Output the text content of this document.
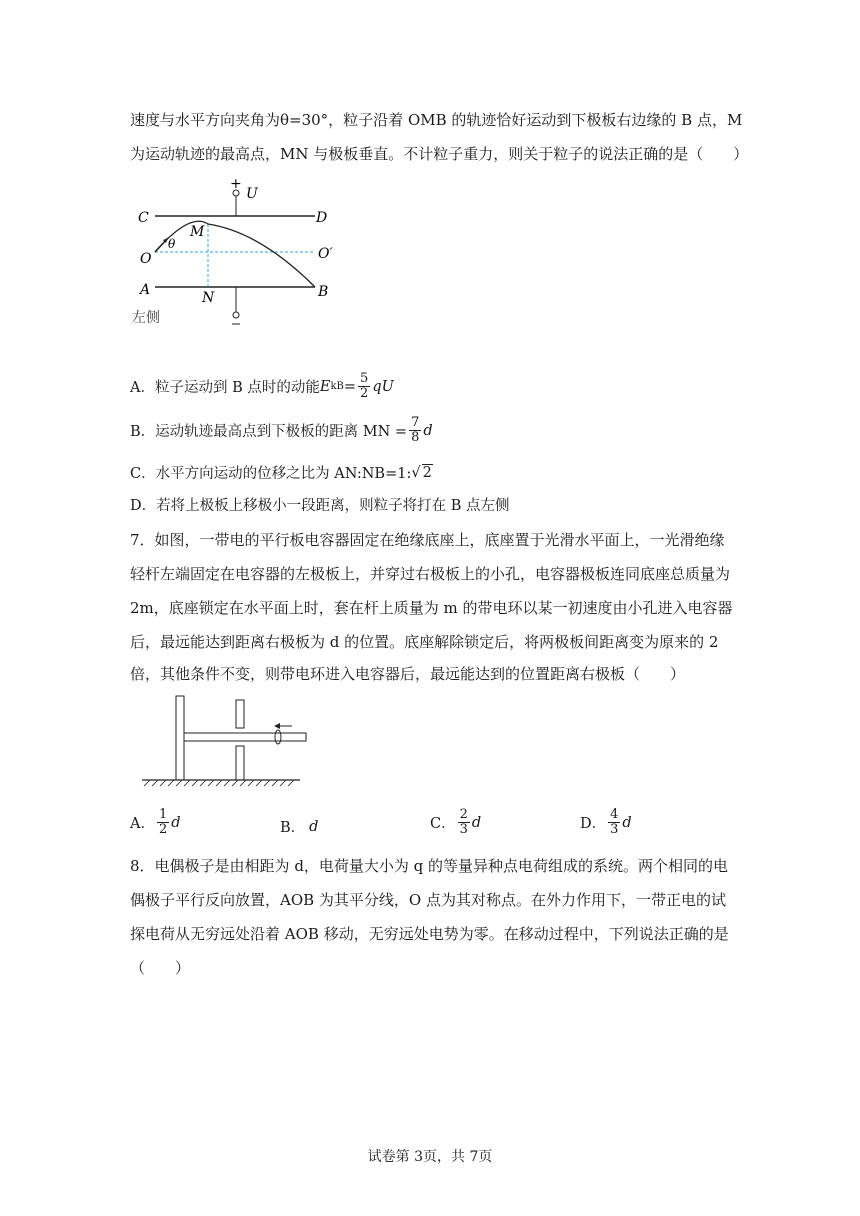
速度与水平方向夹角为θ=30°，粒子沿着 OMB 的轨迹恰好运动到下极板右边缘的 B 点，M
为运动轨迹的最高点，MN 与极板垂直。不计粒子重力，则关于粒子的说法正确的是（　　）
+
U
C	D
A	B
O
θ
M
O′
N
左侧
A． 粒子运动到 B 点时的动能 E kB = $\frac{5}{2}$ qU
B． 运动轨迹最高点到下极板的距离 MN = $\frac{7}{8}$ d
C． 水平方向运动的位移之比为 AN:NB=1: √ 2
D． 若将上极板上移极小一段距离，则粒子将打在 B 点左侧
7．如图，一带电的平行板电容器固定在绝缘底座上，底座置于光滑水平面上，一光滑绝缘
轻杆左端固定在电容器的左极板上，并穿过右极板上的小孔，电容器极板连同底座总质量为
2m，底座锁定在水平面上时，套在杆上质量为 m 的带电环以某一初速度由小孔进入电容器
后，最远能达到距离右极板为 d 的位置。底座解除锁定后，将两极板间距离变为原来的 2
倍，其他条件不变，则带电环进入电容器后，最远能达到的位置距离右极板（　　）
A． $\frac{1}{2}$ d	B． d	C． $\frac{2}{3}$ d	D． $\frac{4}{3}$ d
8．电偶极子是由相距为 d，电荷量大小为 q 的等量异种点电荷组成的系统。两个相同的电
偶极子平行反向放置，AOB 为其平分线，O 点为其对称点。在外力作用下，一带正电的试
探电荷从无穷远处沿着 AOB 移动，无穷远处电势为零。在移动过程中，下列说法正确的是
（　　）
试卷第 3页，共 7页
